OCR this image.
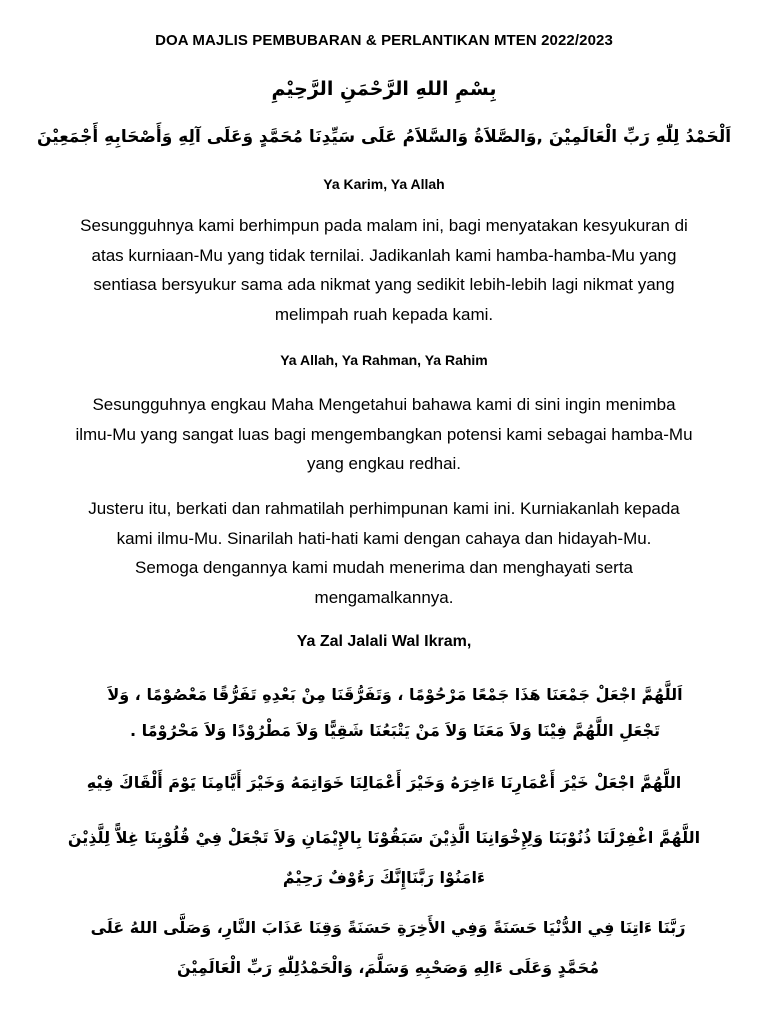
DOA MAJLIS PEMBUBARAN & PERLANTIKAN MTEN 2022/2023
بِسْمِ اللهِ الرَّحْمَنِ الرَّحِيْمِ
اَلْحَمْدُ لِلّٰهِ رَبِّ الْعَالَمِيْنَ ,وَالصَّلاَةُ وَالسَّلاَمُ عَلَى سَيِّدِنَا مُحَمَّدٍ وَعَلَى آلِهِ وَأَصْحَابِهِ أَجْمَعِيْنَ
Ya Karim, Ya Allah
Sesungguhnya kami berhimpun pada malam ini, bagi menyatakan kesyukuran di atas kurniaan-Mu yang tidak ternilai. Jadikanlah kami hamba-hamba-Mu yang sentiasa bersyukur sama ada nikmat yang sedikit lebih-lebih lagi nikmat yang melimpah ruah kepada kami.
Ya Allah, Ya Rahman, Ya Rahim
Sesungguhnya engkau Maha Mengetahui bahawa kami di sini ingin menimba ilmu-Mu yang sangat luas bagi mengembangkan potensi kami sebagai hamba-Mu yang engkau redhai.
Justeru itu, berkati dan rahmatilah perhimpunan kami ini. Kurniakanlah kepada kami ilmu-Mu. Sinarilah hati-hati kami dengan cahaya dan hidayah-Mu. Semoga dengannya kami mudah menerima dan menghayati serta mengamalkannya.
Ya Zal Jalali Wal Ikram,
اَللَّهُمَّ اجْعَلْ جَمْعَنَا هَذَا جَمْعًا مَرْحُوْمًا ، وَتَفَرُّقَنَا مِنْ بَعْدِهِ تَفَرُّقًا مَعْصُوْمًا ، وَلاَ تَجْعَلِ اللَّهُمَّ فِيْنَا وَلاَ مَعَنَا وَلاَ مَنْ يَتْبَعُنَا شَقِيًّا وَلاَ مَطْرُوْدًا وَلاَ مَحْرُوْمًا .
اللَّهُمَّ اجْعَلْ خَيْرَ أَعْمَارِنَا ءَاخِرَهُ وَخَيْرَ أَعْمَالِنَا خَوَاتِمَهُ وَخَيْرَ أَيَّامِنَا يَوْمَ أَلْقَاكَ فِيْهِ
اللَّهُمَّ اغْفِرْلَنَا ذُنُوْبَنَا وَلِإِخْوَانِنَا الَّذِيْنَ سَبَقُوْنَا بِالإِيْمَانِ وَلاَ تَجْعَلْ فِيْ قُلُوْبِنَا غِلاًّ لِلَّذِيْنَ ءَامَنُوْا رَبَّنَاإِنَّكَ رَءُوْفٌ رَحِيْمٌ
رَبَّنَا ءَاتِنَا فِي الدُّنْيَا حَسَنَةً وَفِي الأَخِرَةِ حَسَنَةً وَقِنَا عَذَابَ النَّارِ، وَصَلَّى اللهُ عَلَى مُحَمَّدٍ وَعَلَى ءَالِهِ وَصَحْبِهِ وَسَلَّمَ، وَالْحَمْدُلِلّٰهِ رَبِّ الْعَالَمِيْنَ
